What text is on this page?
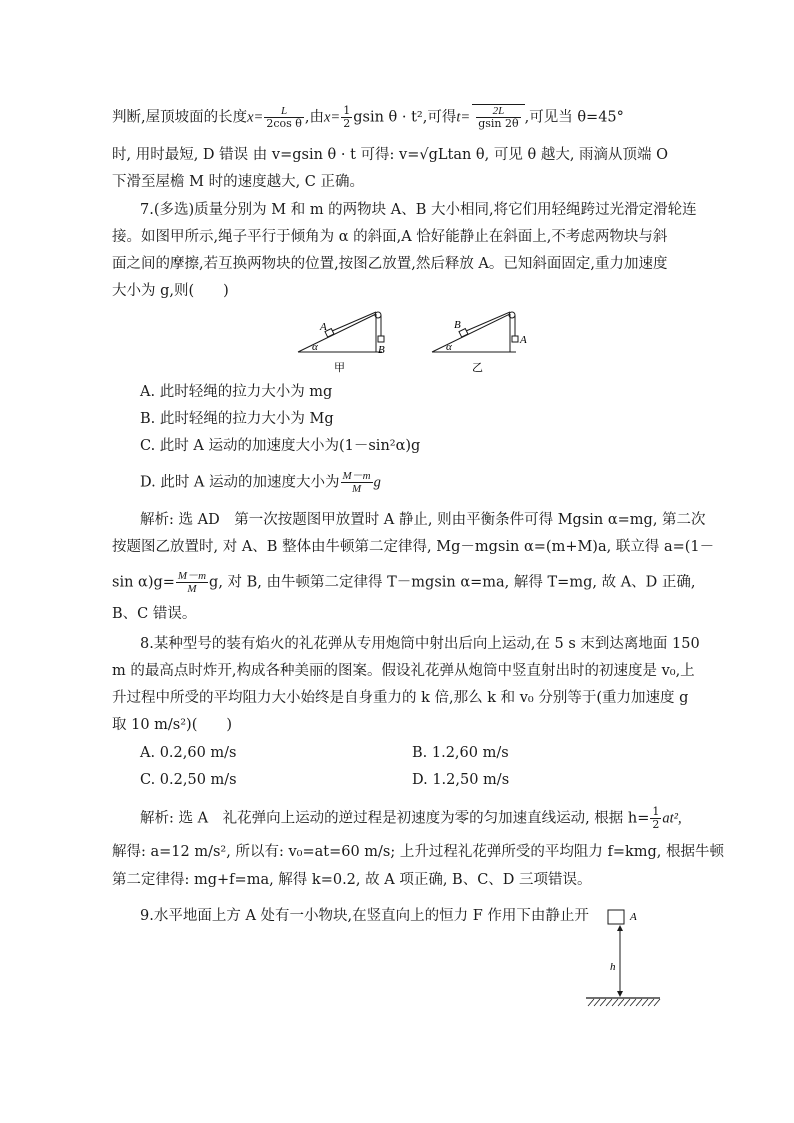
判断,屋顶坡面的长度$x= \frac{L}{\text{2cos θ}}$ ,由$x= \frac{1}{2}$ gsin θ · t²,可得$t= \frac{2L}{gsin 2\theta}$ ,可见当 θ=45°
时, 用时最短, D 错误 由 v=gsin θ · t 可得: v=√gLtan θ, 可见 θ 越大, 雨滴从顶端 O
下滑至屋檐 M 时的速度越大, C 正确。
7.(多选)质量分别为 M 和 m 的两物块 A、B 大小相同,将它们用轻绳跨过光滑定滑轮连
接。如图甲所示,绳子平行于倾角为 α 的斜面,A 恰好能静止在斜面上,不考虑两物块与斜
面之间的摩擦,若互换两物块的位置,按图乙放置,然后释放 A。已知斜面固定,重力加速度
大小为 g,则(　　)
A
B
α
甲
B
A
α
乙
A. 此时轻绳的拉力大小为 mg
B. 此时轻绳的拉力大小为 Mg
C. 此时 A 运动的加速度大小为(1－sin²α)g
D. 此时 A 运动的加速度大小为 $\frac{M-m}{M}$ g
解析: 选 AD　第一次按题图甲放置时 A 静止, 则由平衡条件可得 Mgsin α=mg, 第二次
按题图乙放置时, 对 A、B 整体由牛顿第二定律得, Mg－mgsin α=(m+M)a, 联立得 a=(1－
$\sin \alpha)g= \frac{M-m}{M} g$, 对 B, 由牛顿第二定律得 T－mgsin α=ma, 解得 T=mg, 故 A、D 正确,
B、C 错误。
8.某种型号的装有焰火的礼花弹从专用炮筒中射出后向上运动,在 5 s 末到达离地面 150
m 的最高点时炸开,构成各种美丽的图案。假设礼花弹从炮筒中竖直射出时的初速度是 v₀,上
升过程中所受的平均阻力大小始终是自身重力的 k 倍,那么 k 和 v₀ 分别等于(重力加速度 g
取 10 m/s²)(　　)
A. 0.2,60 m/s	B. 1.2,60 m/s
C. 0.2,50 m/s	D. 1.2,50 m/s
解析: 选 A　礼花弹向上运动的逆过程是初速度为零的匀加速直线运动, 根据 $h= \frac{1}{2} at^2$,
解得: a=12 m/s², 所以有: v₀=at=60 m/s; 上升过程礼花弹所受的平均阻力 f=kmg, 根据牛顿
第二定律得: mg+f=ma, 解得 k=0.2, 故 A 项正确, B、C、D 三项错误。
9.水平地面上方 A 处有一小物块,在竖直向上的恒力 F 作用下由静止开	A
h
